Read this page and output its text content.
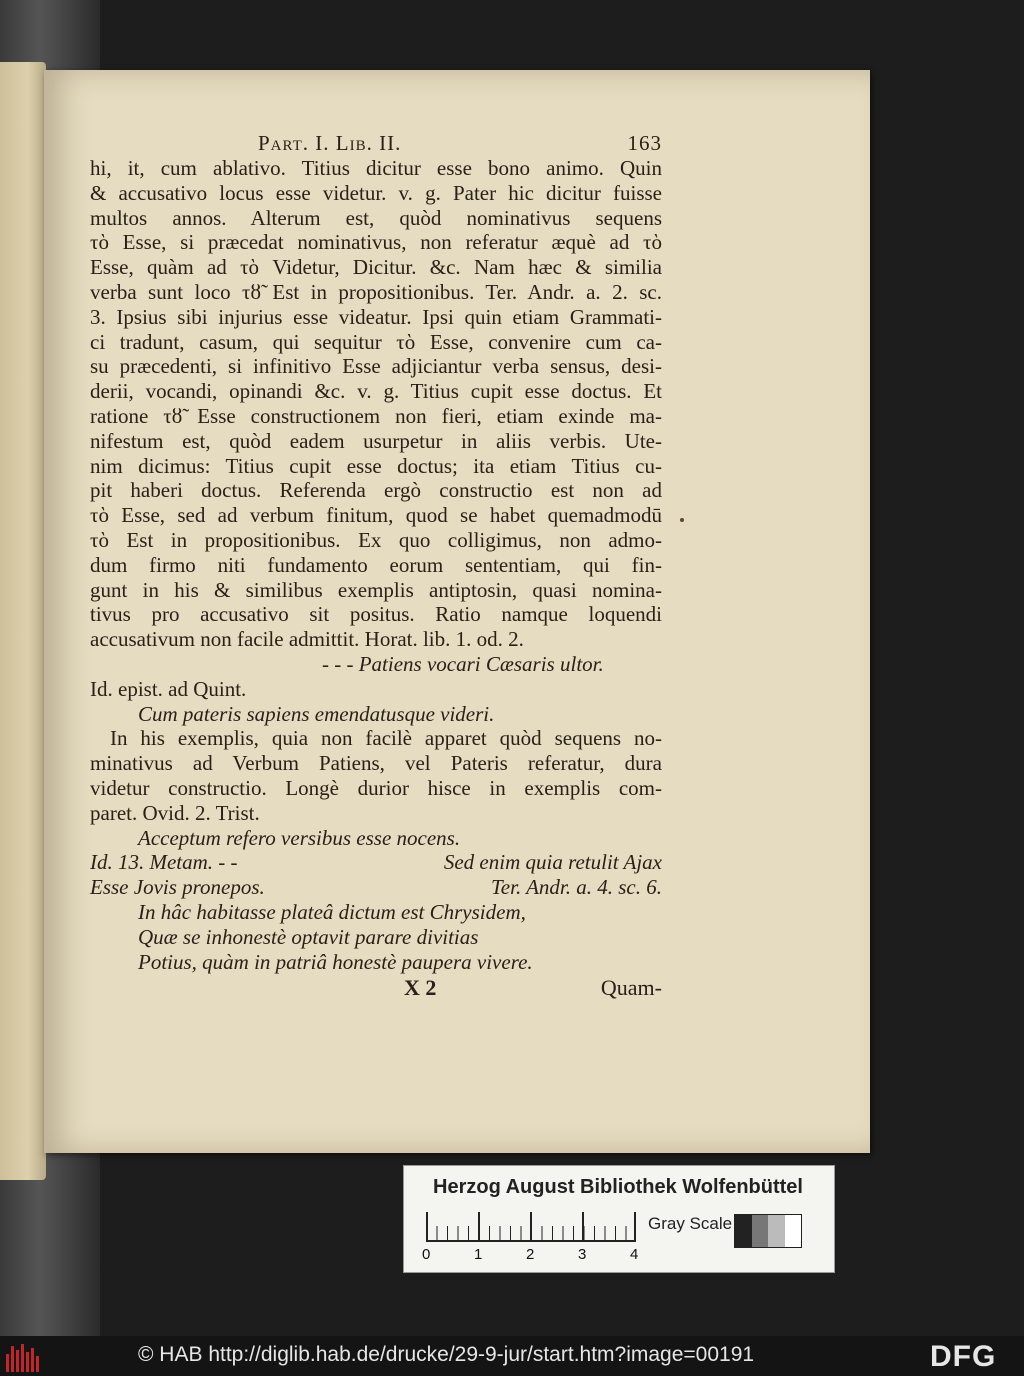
Part. I. Lib. II.	163
hi, it, cum ablativo. Titius dicitur esse bono animo. Quin
& accusativo locus esse videtur. v. g. Pater hic dicitur fuisse
multos annos. Alterum est, quòd nominativus sequens
τὸ Esse, si præcedat nominativus, non referatur æquè ad τὸ
Esse, quàm ad τὸ Videtur, Dicitur. &c. Nam hæc & similia
verba sunt loco τȣ̃ Est in propositionibus. Ter. Andr. a. 2. sc.
3. Ipsius sibi injurius esse videatur. Ipsi quin etiam Grammati-
ci tradunt, casum, qui sequitur τὸ Esse, convenire cum ca-
su præcedenti, si infinitivo Esse adjiciantur verba sensus, desi-
derii, vocandi, opinandi &c. v. g. Titius cupit esse doctus. Et
ratione τȣ̃ Esse constructionem non fieri, etiam exinde ma-
nifestum est, quòd eadem usurpetur in aliis verbis. Ute-
nim dicimus: Titius cupit esse doctus; ita etiam Titius cu-
pit haberi doctus. Referenda ergò constructio est non ad
τὸ Esse, sed ad verbum finitum, quod se habet quemadmodū
τὸ Est in propositionibus. Ex quo colligimus, non admo-
dum firmo niti fundamento eorum sententiam, qui fin-
gunt in his & similibus exemplis antiptosin, quasi nomina-
tivus pro accusativo sit positus. Ratio namque loquendi
accusativum non facile admittit. Horat. lib. 1. od. 2.
- - - Patiens vocari Cæsaris ultor.
Id. epist. ad Quint.
Cum pateris sapiens emendatusque videri.
In his exemplis, quia non facilè apparet quòd sequens no-
minativus ad Verbum Patiens, vel Pateris referatur, dura
videtur constructio. Longè durior hisce in exemplis com-
paret. Ovid. 2. Trist.
Acceptum refero versibus esse nocens.
Id. 13. Metam. - -	Sed enim quia retulit Ajax
Esse Jovis pronepos.	Ter. Andr. a. 4. sc. 6.
In hâc habitasse plateâ dictum est Chrysidem,
Quæ se inhonestè optavit parare divitias
Potius, quàm in patriâ honestè paupera vivere.
X 2	Quam-
Herzog August Bibliothek Wolfenbüttel
0	1	2	3	4
Gray Scale
© HAB http://diglib.hab.de/drucke/29-9-jur/start.htm?image=00191	DFG
